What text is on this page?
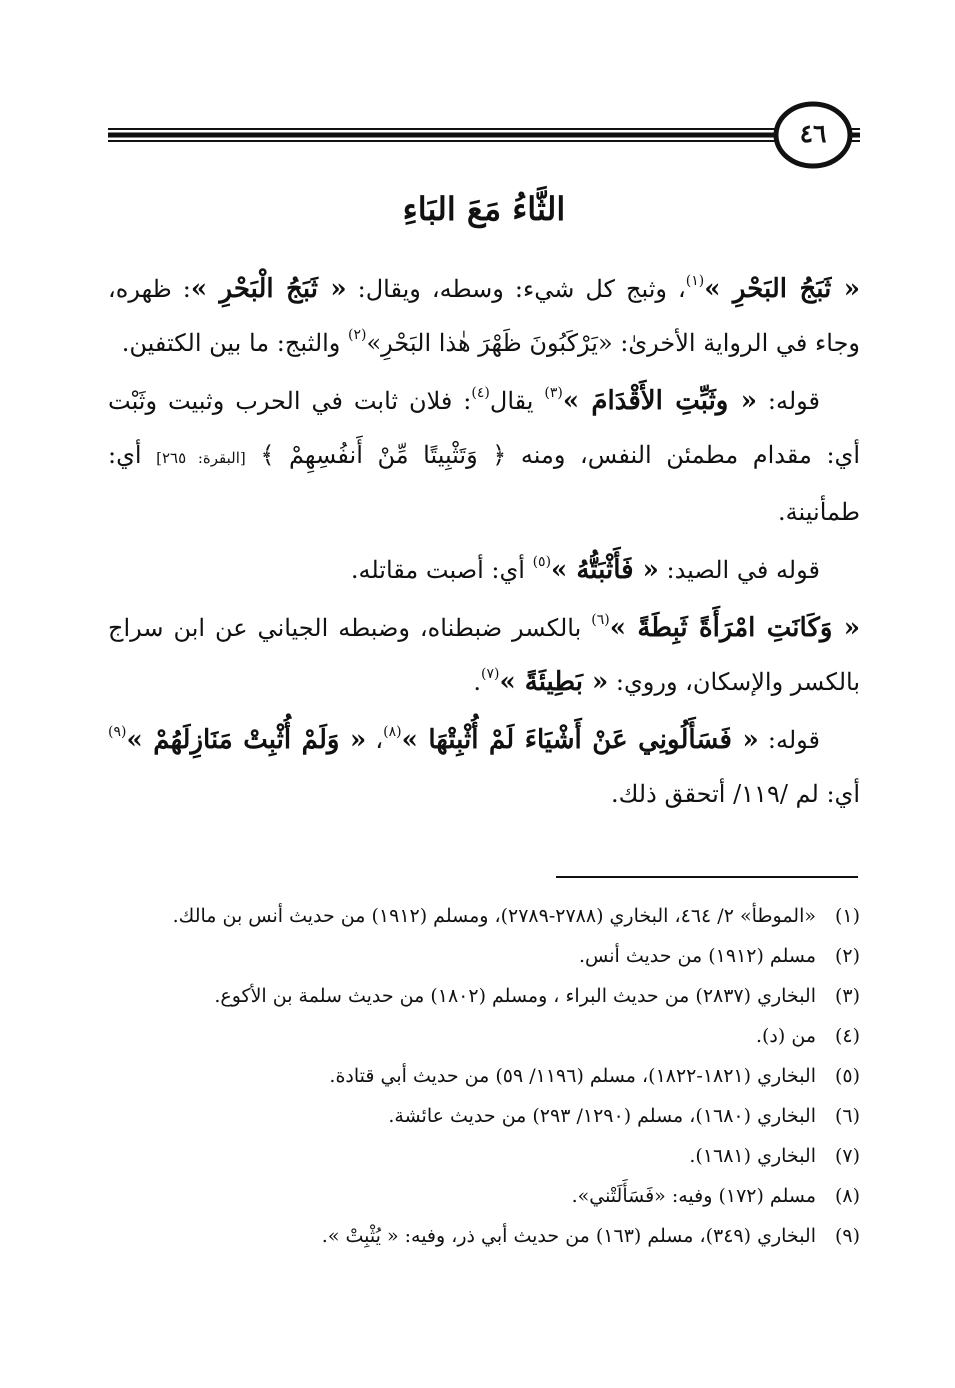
٤٦
الثَّاءُ مَعَ البَاءِ

« ثَبَجُ البَحْرِ »$^{(١)}$، وثبج كل شيء: وسطه، ويقال: « ثَبَجُ الْبَحْرِ »: ظهره، وجاء في الرواية الأخرىٰ: «يَرْكَبُونَ ظَهْرَ هٰذا البَحْرِ»$^{(٢)}$ والثبج: ما بين الكتفين.

قوله: « وثَبِّتِ الأَقْدَامَ »$^{(٣)}$ يقال$^{(٤)}$: فلان ثابت في الحرب وثبيت وثَبْت أي: مقدام مطمئن النفس، ومنه ﴿ وَتَثْبِيتًا مِّنْ أَنفُسِهِمْ ﴾ [البقرة: ٢٦٥] أي: طمأنينة.

قوله في الصيد: « فَأَثْبَتُّهُ »$^{(٥)}$ أي: أصبت مقاتله.

« وَكَانَتِ امْرَأَةً ثَبِطَةً »$^{(٦)}$ بالكسر ضبطناه، وضبطه الجياني عن ابن سراج بالكسر والإسكان، وروي: « بَطِيئَةً »$^{(٧)}$.

قوله: « فَسَأَلُونِي عَنْ أَشْيَاءَ لَمْ أُثْبِتْهَا »$^{(٨)}$، « وَلَمْ أُثْبِتْ مَنَازِلَهُمْ »$^{(٩)}$ أي: لم /١١٩/ أتحقق ذلك.

(١)
«الموطأ» ٢/ ٤٦٤، البخاري (٢٧٨٨-٢٧٨٩)، ومسلم (١٩١٢) من حديث أنس بن مالك.
(٢)
مسلم (١٩١٢) من حديث أنس.
(٣)
البخاري (٢٨٣٧) من حديث البراء ، ومسلم (١٨٠٢) من حديث سلمة بن الأكوع.
(٤)
من (د).
(٥)
البخاري (١٨٢١-١٨٢٢)، مسلم (١١٩٦/ ٥٩) من حديث أبي قتادة.
(٦)
البخاري (١٦٨٠)، مسلم (١٢٩٠/ ٢٩٣) من حديث عائشة.
(٧)
البخاري (١٦٨١).
(٨)
مسلم (١٧٢) وفيه: «فَسَأَلَتْني».
(٩)
البخاري (٣٤٩)، مسلم (١٦٣) من حديث أبي ذر، وفيه: « يُثْبِتْ ».
